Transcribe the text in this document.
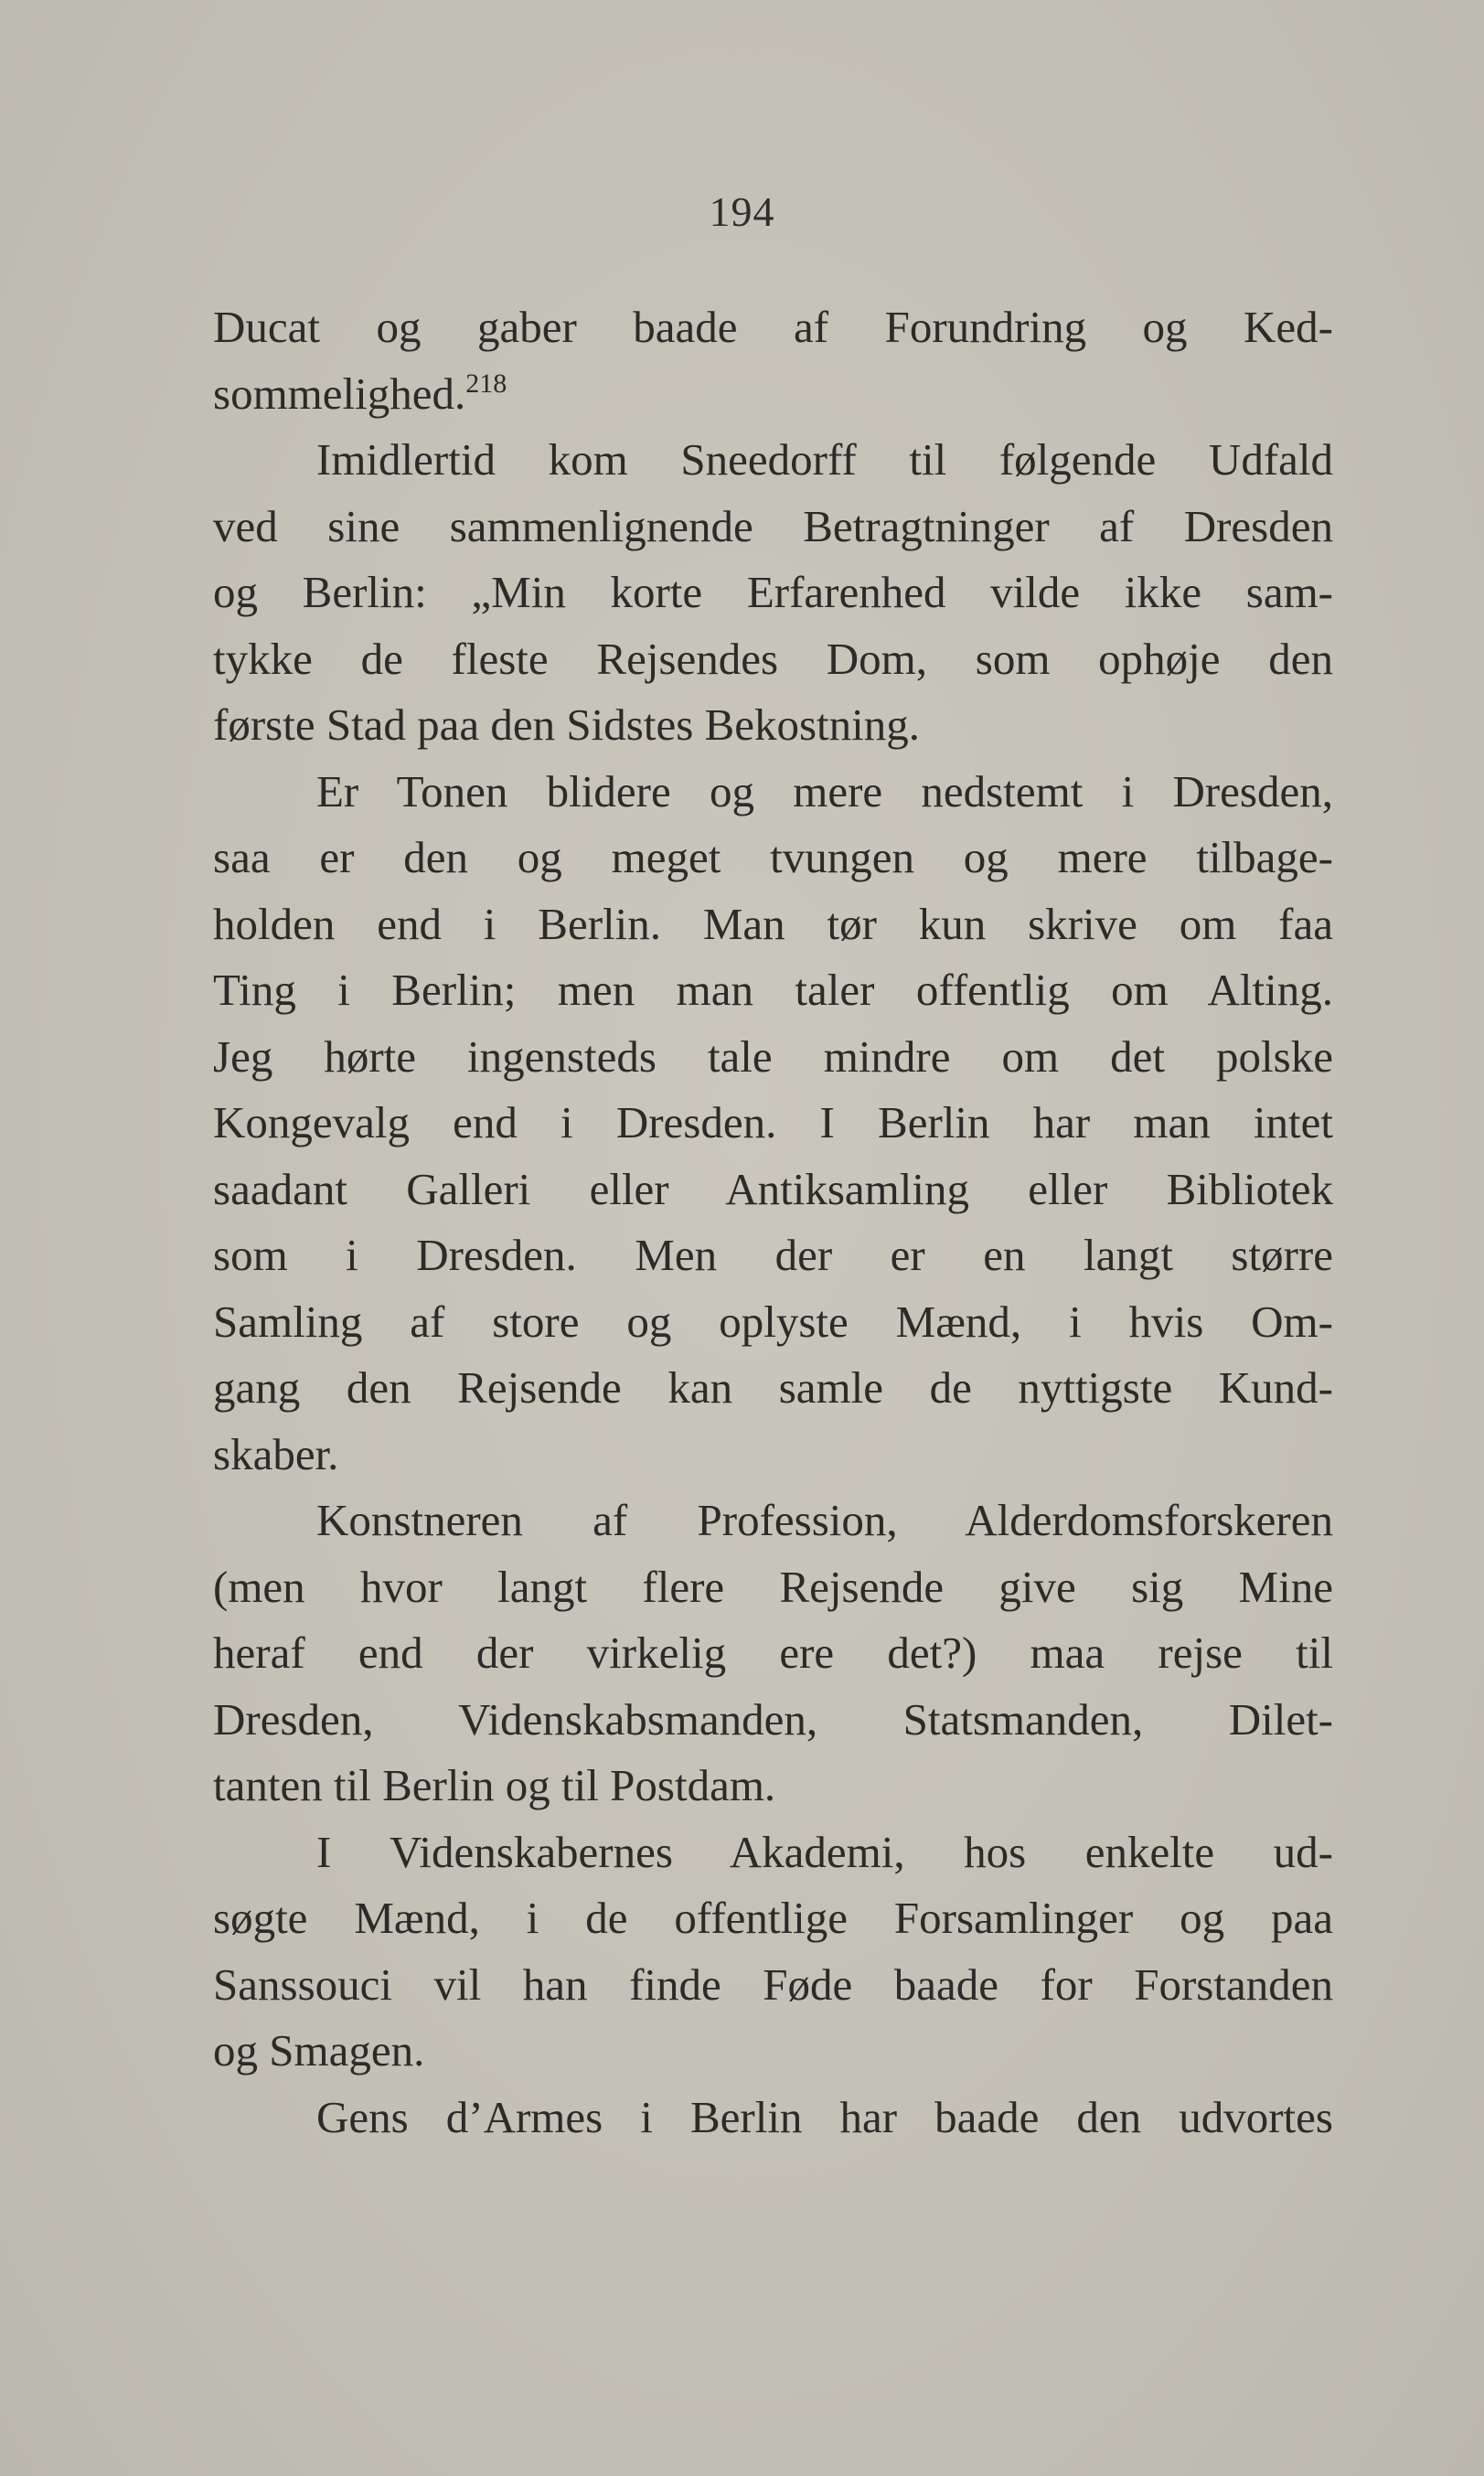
194
Ducat og gaber baade af Forundring og Ked-
sommelighed.$^{218}$
Imidlertid kom Sneedorff til følgende Udfald
ved sine sammenlignende Betragtninger af Dresden
og Berlin: „Min korte Erfarenhed vilde ikke sam-
tykke de fleste Rejsendes Dom, som ophøje den
første Stad paa den Sidstes Bekostning.
Er Tonen blidere og mere nedstemt i Dresden,
saa er den og meget tvungen og mere tilbage-
holden end i Berlin. Man tør kun skrive om faa
Ting i Berlin; men man taler offentlig om Alting.
Jeg hørte ingensteds tale mindre om det polske
Kongevalg end i Dresden. I Berlin har man intet
saadant Galleri eller Antiksamling eller Bibliotek
som i Dresden. Men der er en langt større
Samling af store og oplyste Mænd, i hvis Om-
gang den Rejsende kan samle de nyttigste Kund-
skaber.
Konstneren af Profession, Alderdomsforskeren
(men hvor langt flere Rejsende give sig Mine
heraf end der virkelig ere det?) maa rejse til
Dresden, Videnskabsmanden, Statsmanden, Dilet-
tanten til Berlin og til Postdam.
I Videnskabernes Akademi, hos enkelte ud-
søgte Mænd, i de offentlige Forsamlinger og paa
Sanssouci vil han finde Føde baade for Forstanden
og Smagen.
Gens d’Armes i Berlin har baade den udvortes
